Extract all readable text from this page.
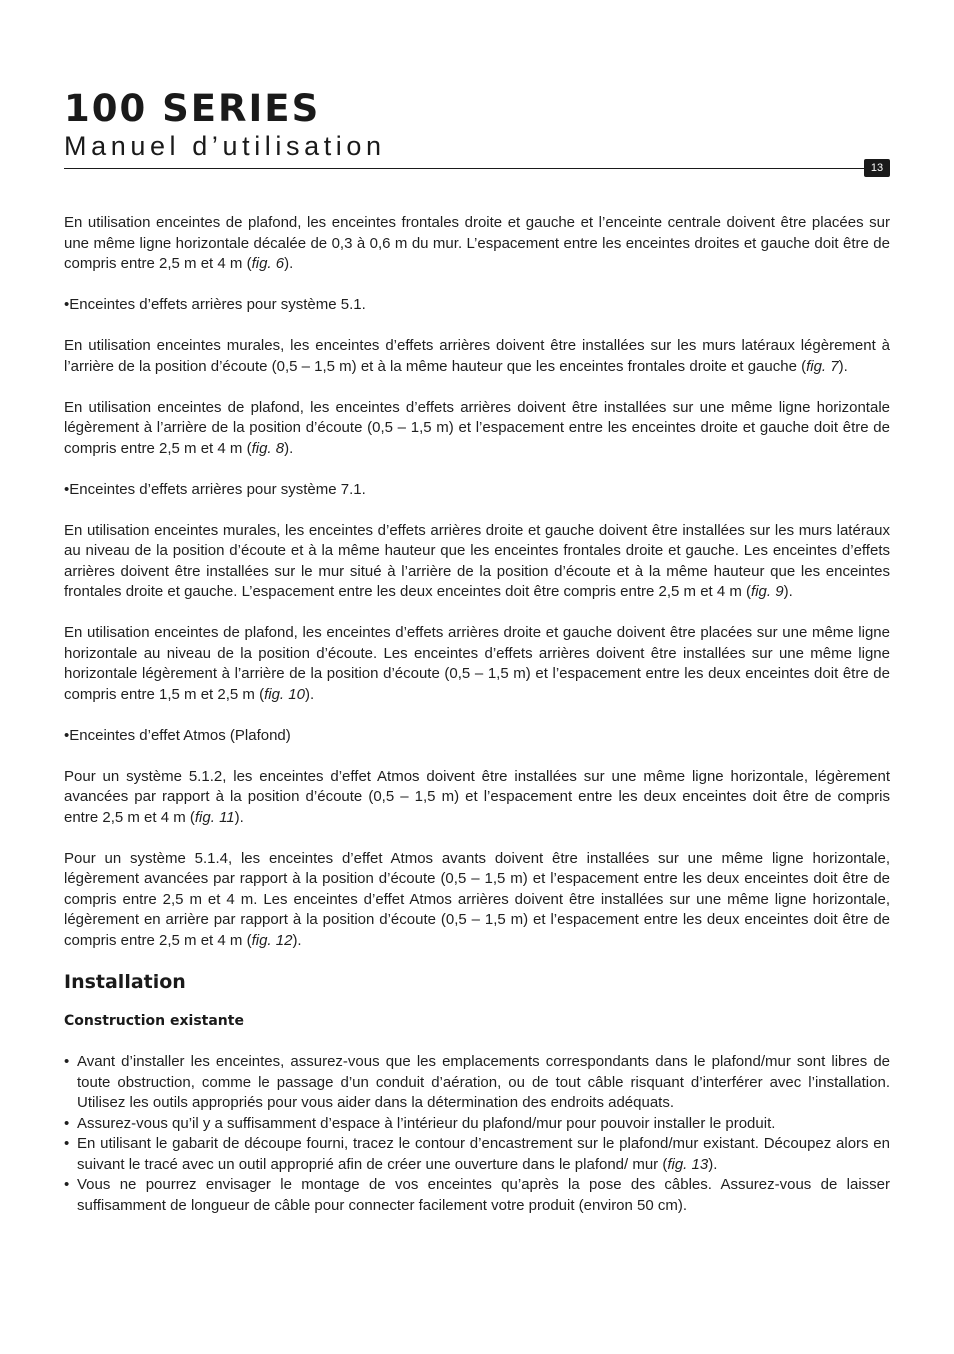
100 SERIES
Manuel d’utilisation
13

En utilisation enceintes de plafond, les enceintes frontales droite et gauche et l’enceinte centrale doivent être placées sur une même ligne horizontale décalée de 0,3 à 0,6 m du mur. L’espacement entre les enceintes droites et gauche doit être de compris entre 2,5 m et 4 m (fig. 6).

•Enceintes d’effets arrières pour système 5.1.

En utilisation enceintes murales, les enceintes d’effets arrières doivent être installées sur les murs latéraux légèrement à l’arrière de la position d’écoute (0,5 – 1,5 m) et à la même hauteur que les enceintes frontales droite et gauche (fig. 7).

En utilisation enceintes de plafond, les enceintes d’effets arrières doivent être installées sur une même ligne horizontale légèrement à l’arrière de la position d’écoute (0,5 – 1,5 m) et l’espacement entre les enceintes droite et gauche doit être de compris entre 2,5 m et 4 m (fig. 8).

•Enceintes d’effets arrières pour système 7.1.

En utilisation enceintes murales, les enceintes d’effets arrières droite et gauche doivent être installées sur les murs latéraux au niveau de la position d’écoute et à la même hauteur que les enceintes frontales droite et gauche. Les enceintes d’effets arrières doivent être installées sur le mur situé à l’arrière de la position d’écoute et à la même hauteur que les enceintes frontales droite et gauche. L’espacement entre les deux enceintes doit être compris entre 2,5 m et 4 m (fig. 9).

En utilisation enceintes de plafond, les enceintes d’effets arrières droite et gauche doivent être placées sur une même ligne horizontale au niveau de la position d’écoute. Les enceintes d’effets arrières doivent être installées sur une même ligne horizontale légèrement à l’arrière de la position d’écoute (0,5 – 1,5 m) et l’espacement entre les deux enceintes doit être de compris entre 1,5 m et 2,5 m (fig. 10).

•Enceintes d’effet Atmos (Plafond)

Pour un système 5.1.2, les enceintes d’effet Atmos doivent être installées sur une même ligne horizontale, légèrement avancées par rapport à la position d’écoute (0,5 – 1,5 m) et l’espacement entre les deux enceintes doit être de compris entre 2,5 m et 4 m (fig. 11).

Pour un système 5.1.4, les enceintes d’effet Atmos avants doivent être installées sur une même ligne horizontale, légèrement avancées par rapport à la position d’écoute (0,5 – 1,5 m) et l’espacement entre les deux enceintes doit être de compris entre 2,5 m et 4 m. Les enceintes d’effet Atmos arrières doivent être installées sur une même ligne horizontale, légèrement en arrière par rapport à la position d’écoute (0,5 – 1,5 m) et l’espacement entre les deux enceintes doit être de compris entre 2,5 m et 4 m (fig. 12).

Installation
Construction existante
• Avant d’installer les enceintes, assurez-vous que les emplacements correspondants dans le plafond/mur sont libres de toute obstruction, comme le passage d’un conduit d’aération, ou de tout câble risquant d’interférer avec l’installation. Utilisez les outils appropriés pour vous aider dans la détermination des endroits adéquats.
• Assurez-vous qu’il y a suffisamment d’espace à l’intérieur du plafond/mur pour pouvoir installer le produit.
• En utilisant le gabarit de découpe fourni, tracez le contour d’encastrement sur le plafond/mur existant. Découpez alors en suivant le tracé avec un outil approprié afin de créer une ouverture dans le plafond/ mur (fig. 13).
• Vous ne pourrez envisager le montage de vos enceintes qu’après la pose des câbles. Assurez-vous de laisser suffisamment de longueur de câble pour connecter facilement votre produit (environ 50 cm).
